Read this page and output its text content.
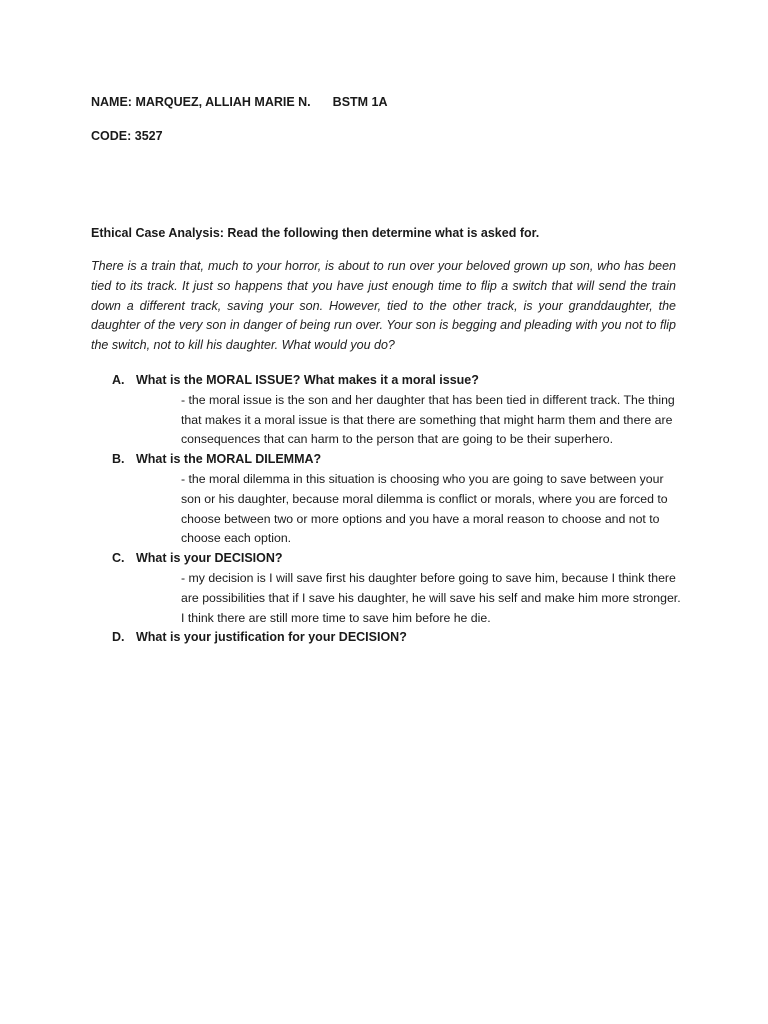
NAME: MARQUEZ, ALLIAH MARIE N. BSTM 1A
CODE: 3527
Ethical Case Analysis: Read the following then determine what is asked for.
There is a train that, much to your horror, is about to run over your beloved grown up son, who has been tied to its track. It just so happens that you have just enough time to flip a switch that will send the train down a different track, saving your son. However, tied to the other track, is your granddaughter, the daughter of the very son in danger of being run over. Your son is begging and pleading with you not to flip the switch, not to kill his daughter. What would you do?
A. What is the MORAL ISSUE? What makes it a moral issue?
- the moral issue is the son and her daughter that has been tied in different track. The thing that makes it a moral issue is that there are something that might harm them and there are consequences that can harm to the person that are going to be their superhero.
B. What is the MORAL DILEMMA?
- the moral dilemma in this situation is choosing who you are going to save between your son or his daughter, because moral dilemma is conflict or morals, where you are forced to choose between two or more options and you have a moral reason to choose and not to choose each option.
C. What is your DECISION?
- my decision is I will save first his daughter before going to save him, because I think there are possibilities that if I save his daughter, he will save his self and make him more stronger. I think there are still more time to save him before he die.
D. What is your justification for your DECISION?
